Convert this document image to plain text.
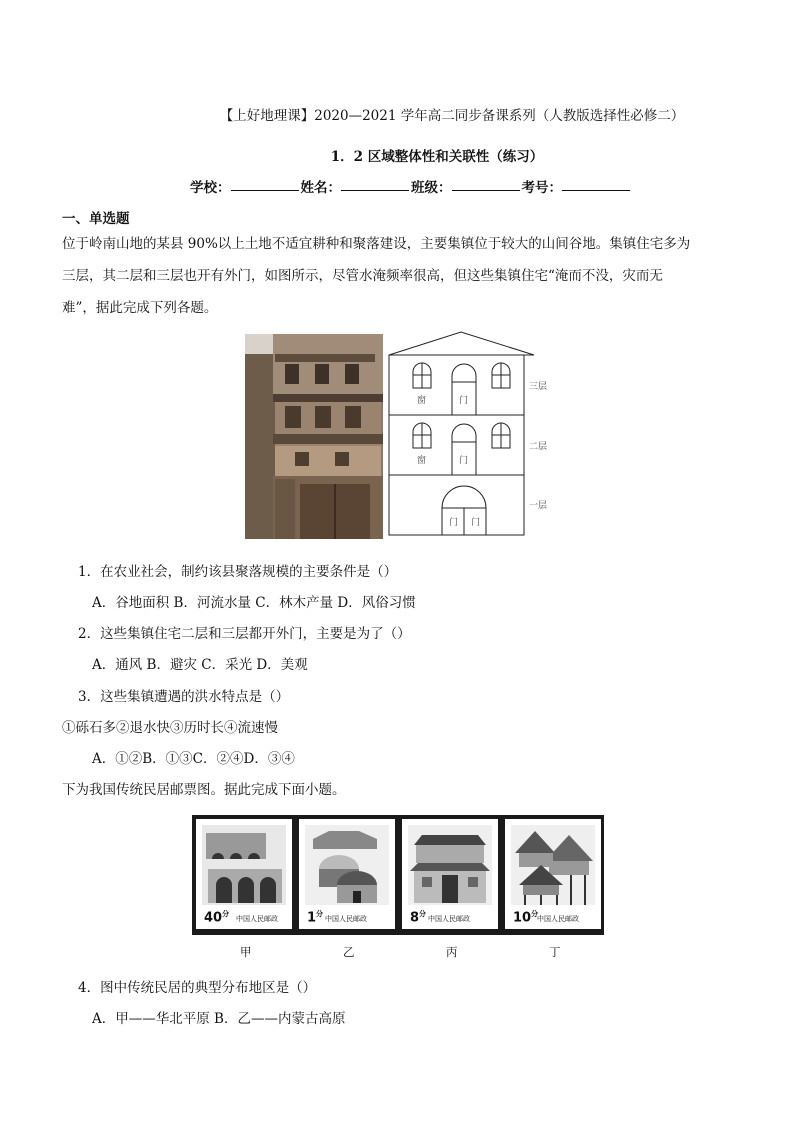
【上好地理课】2020—2021 学年高二同步备课系列（人教版选择性必修二）
1．2 区域整体性和关联性（练习）
学校：	姓名：	班级：	考号：
一、单选题
位于岭南山地的某县 90%以上土地不适宜耕种和聚落建设，主要集镇位于较大的山间谷地。集镇住宅多为
三层，其二层和三层也开有外门，如图所示，尽管水淹频率很高，但这些集镇住宅“淹而不没，灾而无
难”，据此完成下列各题。
窗	门
三层
窗	门
二层
门 门
一层
1．在农业社会，制约该县聚落规模的主要条件是（）
A．谷地面积 B．河流水量 C．林木产量 D．风俗习惯
2．这些集镇住宅二层和三层都开外门，主要是为了（）
A．通风 B．避灾 C．采光 D．美观
3．这些集镇遭遇的洪水特点是（）
①砾石多②退水快③历时长④流速慢
A．①②B．①③C．②④D．③④
下为我国传统民居邮票图。据此完成下面小题。
$40^分$
中国人民邮政 $1^分$
中国人民邮政	$8^分$
中国人民邮政	$10^分$
中国人民邮政
甲	乙	丙	丁
4．图中传统民居的典型分布地区是（）
A．甲——华北平原 B．乙——内蒙古高原
